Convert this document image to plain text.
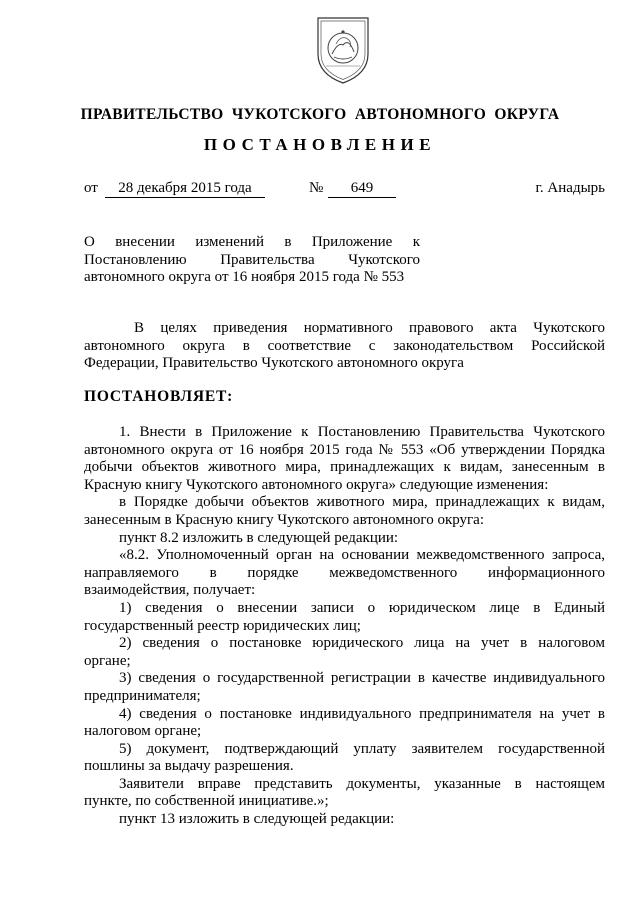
ПРАВИТЕЛЬСТВО  ЧУКОТСКОГО  АВТОНОМНОГО  ОКРУГА
ПОСТАНОВЛЕНИЕ
от	28 декабря 2015 года	№	649	г. Анадырь
О внесении изменений в Приложение к
Постановлению Правительства Чукотского
автономного округа от 16 ноября 2015 года № 553
В целях приведения нормативного правового акта Чукотского
автономного округа в соответствие с законодательством Российской
Федерации, Правительство Чукотского автономного округа
ПОСТАНОВЛЯЕТ:
1. Внести в Приложение к Постановлению Правительства Чукотского
автономного округа от 16 ноября 2015 года № 553 «Об утверждении Порядка
добычи объектов животного мира, принадлежащих к видам, занесенным в
Красную книгу Чукотского автономного округа» следующие изменения:
в Порядке добычи объектов животного мира, принадлежащих к видам,
занесенным в Красную книгу Чукотского автономного округа:
пункт 8.2 изложить в следующей редакции:
«8.2. Уполномоченный орган на основании межведомственного запроса,
направляемого в порядке межведомственного информационного
взаимодействия, получает:
1) сведения о внесении записи о юридическом лице в Единый
государственный реестр юридических лиц;
2) сведения о постановке юридического лица на учет в налоговом
органе;
3) сведения о государственной регистрации в качестве индивидуального
предпринимателя;
4) сведения о постановке индивидуального предпринимателя на учет в
налоговом органе;
5) документ, подтверждающий уплату заявителем государственной
пошлины за выдачу разрешения.
Заявители вправе представить документы, указанные в настоящем
пункте, по собственной инициативе.»;
пункт 13 изложить в следующей редакции:
